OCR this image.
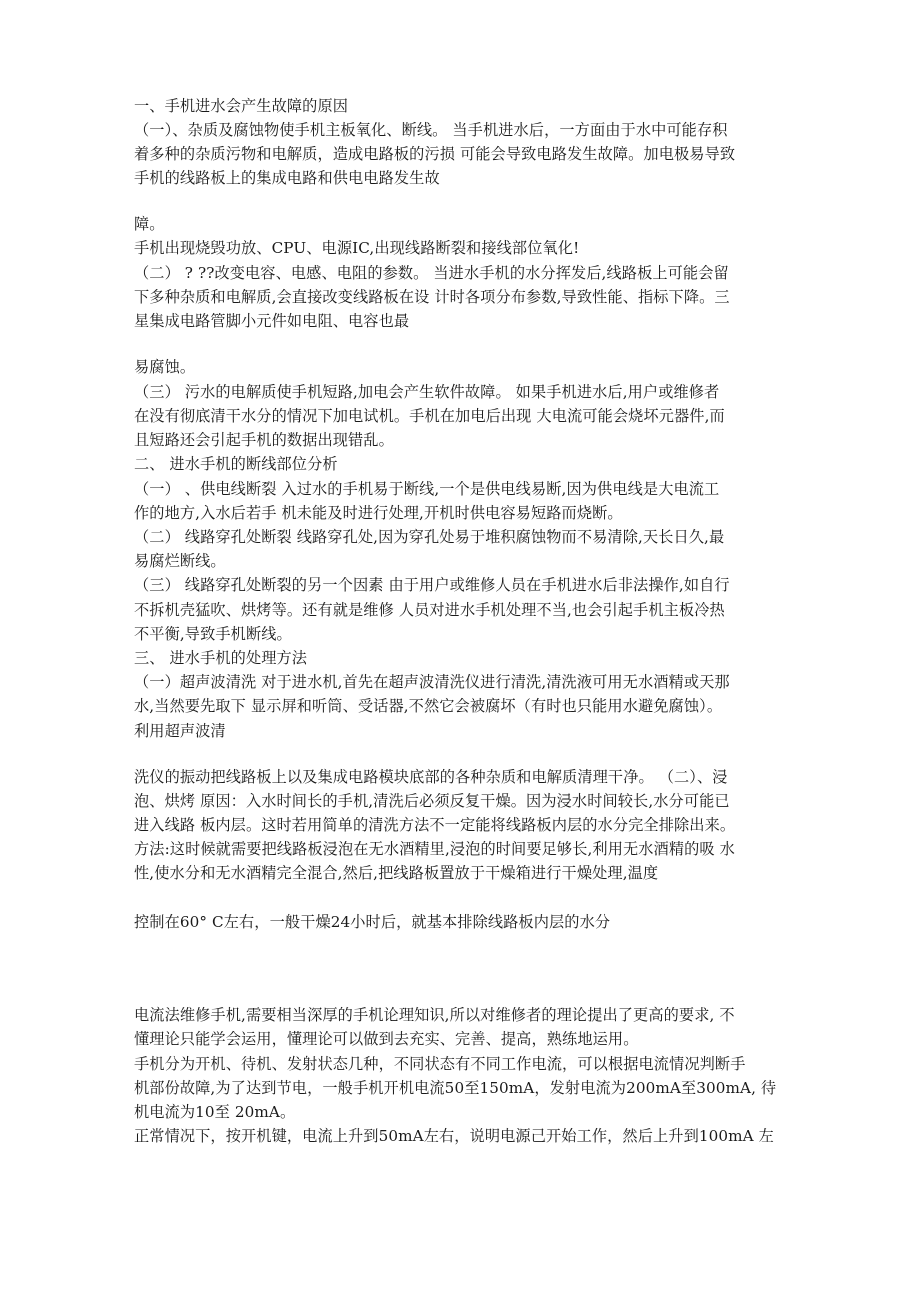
一、手机进水会产生故障的原因
（一）、杂质及腐蚀物使手机主板氧化、断线。 当手机进水后，一方面由于水中可能存积
着多种的杂质污物和电解质，造成电路板的污损 可能会导致电路发生故障。加电极易导致
手机的线路板上的集成电路和供电电路发生故
障。
手机出现烧毁功放、CPU、电源IC,出现线路断裂和接线部位氧化!
（二） ? ??改变电容、电感、电阻的参数。 当进水手机的水分挥发后,线路板上可能会留
下多种杂质和电解质,会直接改变线路板在设 计时各项分布参数,导致性能、指标下降。三
星集成电路管脚小元件如电阻、电容也最
易腐蚀。
（三） 污水的电解质使手机短路,加电会产生软件故障。 如果手机进水后,用户或维修者
在没有彻底清干水分的情况下加电试机。手机在加电后出现 大电流可能会烧坏元器件,而
且短路还会引起手机的数据出现错乱。
二、 进水手机的断线部位分析
（一） 、供电线断裂 入过水的手机易于断线,一个是供电线易断,因为供电线是大电流工
作的地方,入水后若手 机未能及时进行处理,开机时供电容易短路而烧断。
（二） 线路穿孔处断裂 线路穿孔处,因为穿孔处易于堆积腐蚀物而不易清除,天长日久,最
易腐烂断线。
（三） 线路穿孔处断裂的另一个因素 由于用户或维修人员在手机进水后非法操作,如自行
不拆机壳猛吹、烘烤等。还有就是维修 人员对进水手机处理不当,也会引起手机主板冷热
不平衡,导致手机断线。
三、 进水手机的处理方法
（一）超声波清洗 对于进水机,首先在超声波清洗仪进行清洗,清洗液可用无水酒精或天那
水,当然要先取下 显示屏和听筒、受话器,不然它会被腐坏（有时也只能用水避免腐蚀）。
利用超声波清
洗仪的振动把线路板上以及集成电路模块底部的各种杂质和电解质清理干净。 （二）、浸
泡、烘烤 原因：入水时间长的手机,清洗后必须反复干燥。因为浸水时间较长,水分可能已
进入线路 板内层。这时若用简单的清洗方法不一定能将线路板内层的水分完全排除出来。
方法:这时候就需要把线路板浸泡在无水酒精里,浸泡的时间要足够长,利用无水酒精的吸 水
性,使水分和无水酒精完全混合,然后,把线路板置放于干燥箱进行干燥处理,温度
控制在60° C左右，一般干燥24小时后，就基本排除线路板内层的水分
电流法维修手机,需要相当深厚的手机论理知识,所以对维修者的理论提出了更高的要求, 不
懂理论只能学会运用，懂理论可以做到去充实、完善、提高，熟练地运用。
手机分为开机、待机、发射状态几种，不同状态有不同工作电流，可以根据电流情况判断手
机部份故障,为了达到节电，一般手机开机电流50至150mA，发射电流为200mA至300mA, 待
机电流为10至 20mA。
正常情况下，按开机键，电流上升到50mA左右，说明电源己开始工作，然后上升到100mA 左
